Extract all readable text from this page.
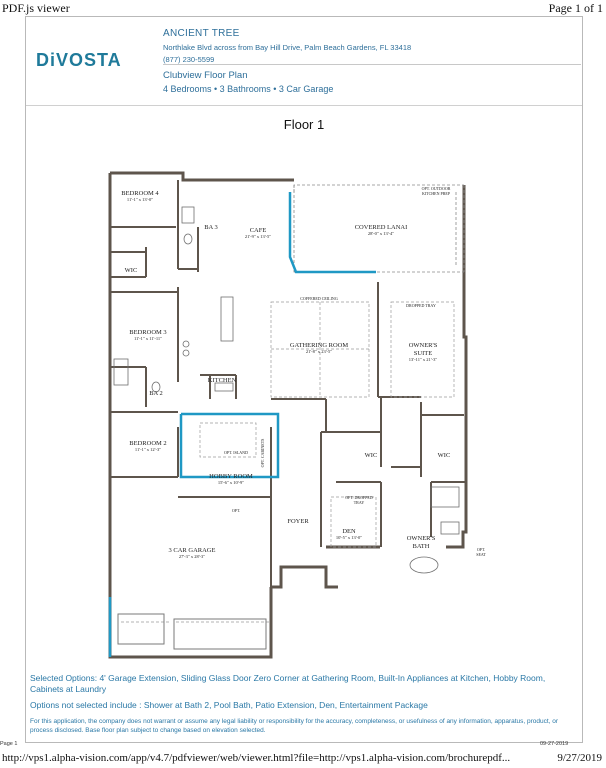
PDF.js viewer	Page 1 of 1
DiVOSTA
ANCIENT TREE
Northlake Blvd across from Bay Hill Drive, Palm Beach Gardens, FL 33418
(877) 230-5599
Clubview Floor Plan
4 Bedrooms • 3 Bathrooms • 3 Car Garage
Floor 1
BEDROOM 4
11'-1" x 13'-0"
BA 3
WIC
CAFE
21'-9" x 13'-5"
COVERED LANAI
28'-0" x 13'-4"
OPT. OUTDOOR
KITCHEN PREP
COFFERED CEILING
DROPPED TRAY
BEDROOM 3
11'-1" x 11'-11"
GATHERING ROOM
21'-8" x 23'-5"
OWNER'S
SUITE
13'-11" x 21'-3"
KITCHEN
BA 2
BEDROOM 2
11'-1" x 12'-3"
OPT. ISLAND	OPT. CABINETS
HOBBY ROOM
15'-6" x 10'-9"
WIC	WIC
OPT. DROPPED
TRAY
OPT.
FOYER
DEN
10'-5" x 13'-0"	OWNER'S
BATH	OPT.
SEAT
3 CAR GARAGE
27'-3" x 28'-3"
Selected Options: 4' Garage Extension, Sliding Glass Door Zero Corner at Gathering Room, Built-In Appliances at Kitchen, Hobby Room, Cabinets at Laundry
Options not selected include : Shower at Bath 2, Pool Bath, Patio Extension, Den, Entertainment Package
For this application, the company does not warrant or assume any legal liability or responsibility for the accuracy, completeness, or usefulness of any information, apparatus, product, or process disclosed. Base floor plan subject to change based on elevation selected.
Page 1	09-27-2019
http://vps1.alpha-vision.com/app/v4.7/pdfviewer/web/viewer.html?file=http://vps1.alpha-vision.com/brochurepdf...	9/27/2019
